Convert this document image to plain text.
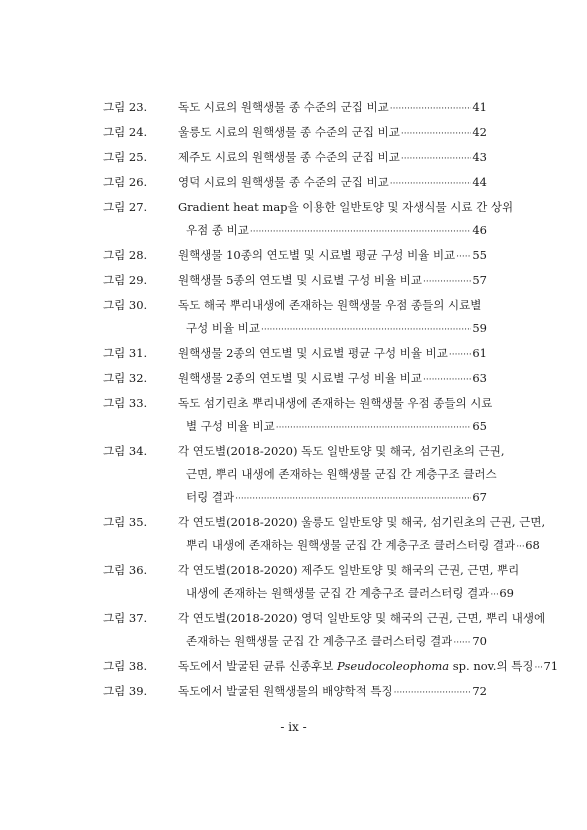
그림 23.	독도 시료의 원핵생물 종 수준의 군집 비교 ·····	41
그림 24.	울릉도 시료의 원핵생물 종 수준의 군집 비교 ·····	42
그림 25.	제주도 시료의 원핵생물 종 수준의 군집 비교 ·····	43
그림 26.	영덕 시료의 원핵생물 종 수준의 군집 비교 ·····	44
그림 27.	Gradient heat map을 이용한 일반토양 및 자생식물 시료 간 상위
우점 종 비교 ·····	46
그림 28.	원핵생물 10종의 연도별 및 시료별 평균 구성 비율 비교 ····· 55
그림 29.	원핵생물 5종의 연도별 및 시료별 구성 비율 비교 ·····	57
그림 30.	독도 해국 뿌리내생에 존재하는 원핵생물 우점 종들의 시료별
구성 비율 비교 ·····	59
그림 31.	원핵생물 2종의 연도별 및 시료별 평균 구성 비율 비교 ····· 61
그림 32.	원핵생물 2종의 연도별 및 시료별 구성 비율 비교 ·····	63
그림 33.	독도 섬기린초 뿌리내생에 존재하는 원핵생물 우점 종들의 시료
별 구성 비율 비교 ·····	65
그림 34.	각 연도별(2018-2020) 독도 일반토양 및 해국, 섬기린초의 근권,
근면, 뿌리 내생에 존재하는 원핵생물 군집 간 계층구조 클러스
터링 결과 ·····	67
그림 35.	각 연도별(2018-2020) 울릉도 일반토양 및 해국, 섬기린초의 근권, 근면,
뿌리 내생에 존재하는 원핵생물 군집 간 계층구조 클러스터링 결과 ····· 68
그림 36.	각 연도별(2018-2020) 제주도 일반토양 및 해국의 근권, 근면, 뿌리
내생에 존재하는 원핵생물 군집 간 계층구조 클러스터링 결과 ····· 69
그림 37.	각 연도별(2018-2020) 영덕 일반토양 및 해국의 근권, 근면, 뿌리 내생에
존재하는 원핵생물 군집 간 계층구조 클러스터링 결과 ····· 70
그림 38.	독도에서 발굴된 균류 신종후보 Pseudocoleophoma sp. nov.의 특징 ····· 71
그림 39.	독도에서 발굴된 원핵생물의 배양학적 특징 ·····	72
- ix -
